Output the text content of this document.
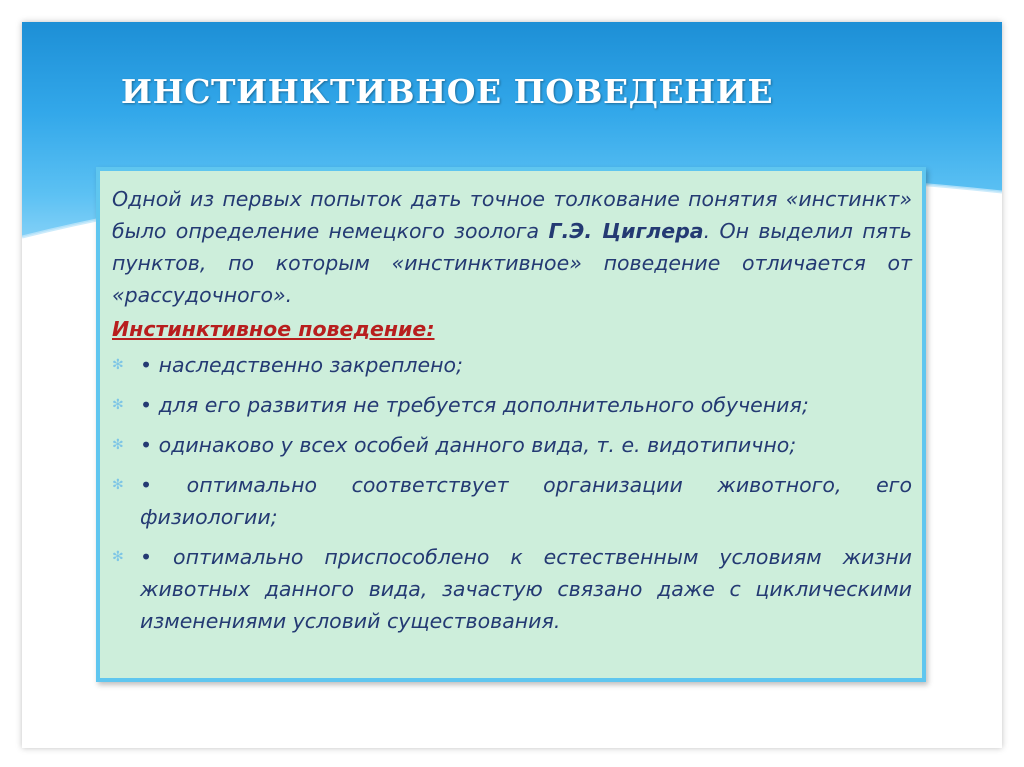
ИНСТИНКТИВНОЕ ПОВЕДЕНИЕ

Одной из первых попыток дать точное толкование понятия «инстинкт» было определение немецкого зоолога Г.Э. Циглера. Он выделил пять пунктов, по которым «инстинктивное» поведение отличается от «рассудочного».

Инстинктивное поведение:

✻ • наследственно закреплено;
✻ • для его развития не требуется дополнительного обучения;
✻ • одинаково у всех особей данного вида, т. е. видотипично;
✻ • оптимально соответствует организации животного, его физиологии;
✻ • оптимально приспособлено к естественным условиям жизни животных данного вида, зачастую связано даже с циклическими изменениями условий существования.
